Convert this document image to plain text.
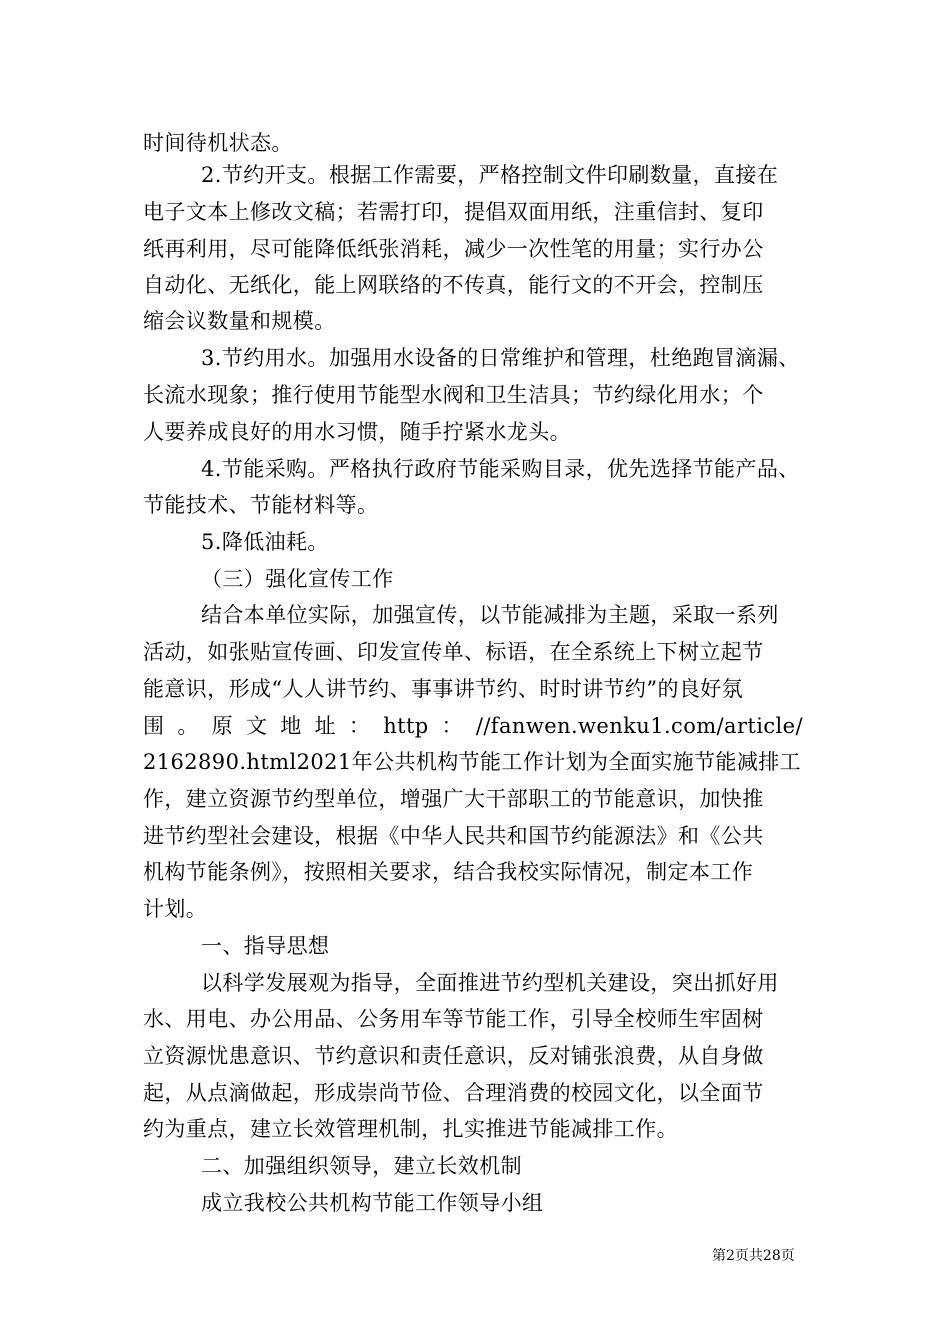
时间待机状态。
2.节约开支。根据工作需要，严格控制文件印刷数量，直接在
电子文本上修改文稿；若需打印，提倡双面用纸，注重信封、复印
纸再利用，尽可能降低纸张消耗，减少一次性笔的用量；实行办公
自动化、无纸化，能上网联络的不传真，能行文的不开会，控制压
缩会议数量和规模。
3.节约用水。加强用水设备的日常维护和管理，杜绝跑冒滴漏、
长流水现象；推行使用节能型水阀和卫生洁具；节约绿化用水；个
人要养成良好的用水习惯，随手拧紧水龙头。
4.节能采购。严格执行政府节能采购目录，优先选择节能产品、
节能技术、节能材料等。
5.降低油耗。
（三）强化宣传工作
结合本单位实际，加强宣传，以节能减排为主题，采取一系列
活动，如张贴宣传画、印发宣传单、标语，在全系统上下树立起节
能意识，形成“人人讲节约、事事讲节约、时时讲节约”的良好氛
围 。 原 文 地 址 ： http ： //fanwen.wenku1.com/article/
2162890.html2021年公共机构节能工作计划为全面实施节能减排工
作，建立资源节约型单位，增强广大干部职工的节能意识，加快推
进节约型社会建设，根据《中华人民共和国节约能源法》和《公共
机构节能条例》，按照相关要求，结合我校实际情况，制定本工作
计划。
一、指导思想
以科学发展观为指导，全面推进节约型机关建设，突出抓好用
水、用电、办公用品、公务用车等节能工作，引导全校师生牢固树
立资源忧患意识、节约意识和责任意识，反对铺张浪费，从自身做
起，从点滴做起，形成崇尚节俭、合理消费的校园文化，以全面节
约为重点，建立长效管理机制，扎实推进节能减排工作。
二、加强组织领导，建立长效机制
成立我校公共机构节能工作领导小组
第2页共28页
